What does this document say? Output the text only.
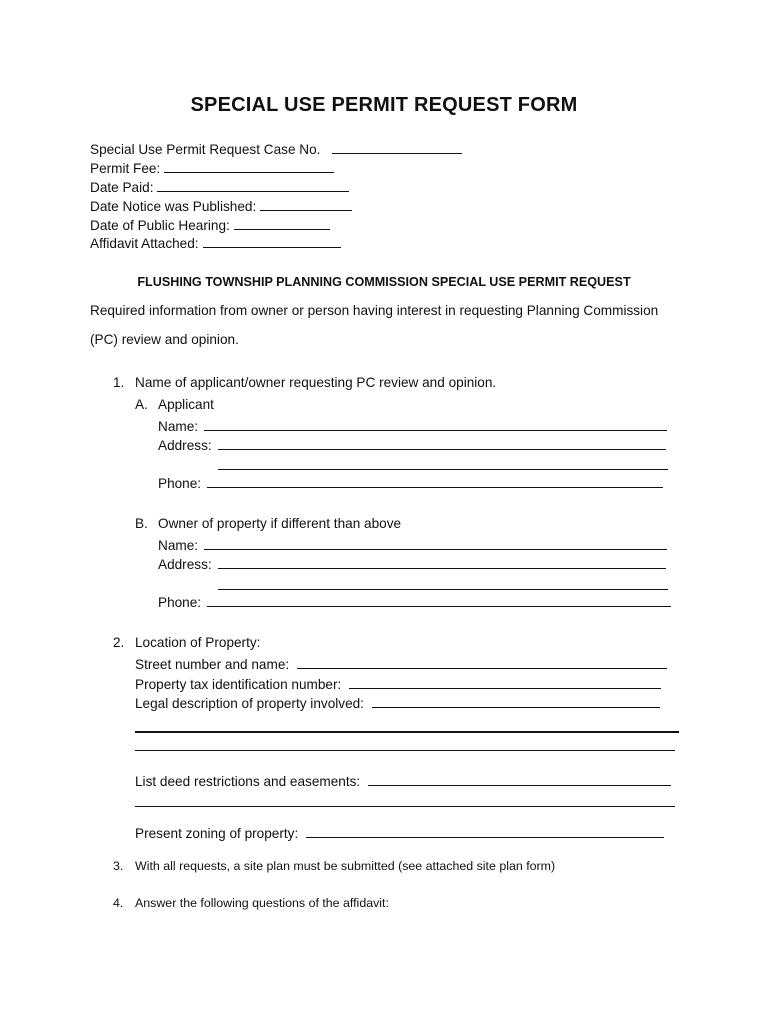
SPECIAL USE PERMIT REQUEST FORM
Special Use Permit Request Case No.
Permit Fee:
Date Paid:
Date Notice was Published:
Date of Public Hearing:
Affidavit Attached:
FLUSHING TOWNSHIP PLANNING COMMISSION SPECIAL USE PERMIT REQUEST
Required information from owner or person having interest in requesting Planning Commission
(PC) review and opinion.
1. Name of applicant/owner requesting PC review and opinion.
A. Applicant
Name:
Address:
Phone:
B. Owner of property if different than above
Name:
Address:
Phone:
2. Location of Property:
Street number and name:
Property tax identification number:
Legal description of property involved:
List deed restrictions and easements:
Present zoning of property:
3. With all requests, a site plan must be submitted (see attached site plan form)
4. Answer the following questions of the affidavit:
